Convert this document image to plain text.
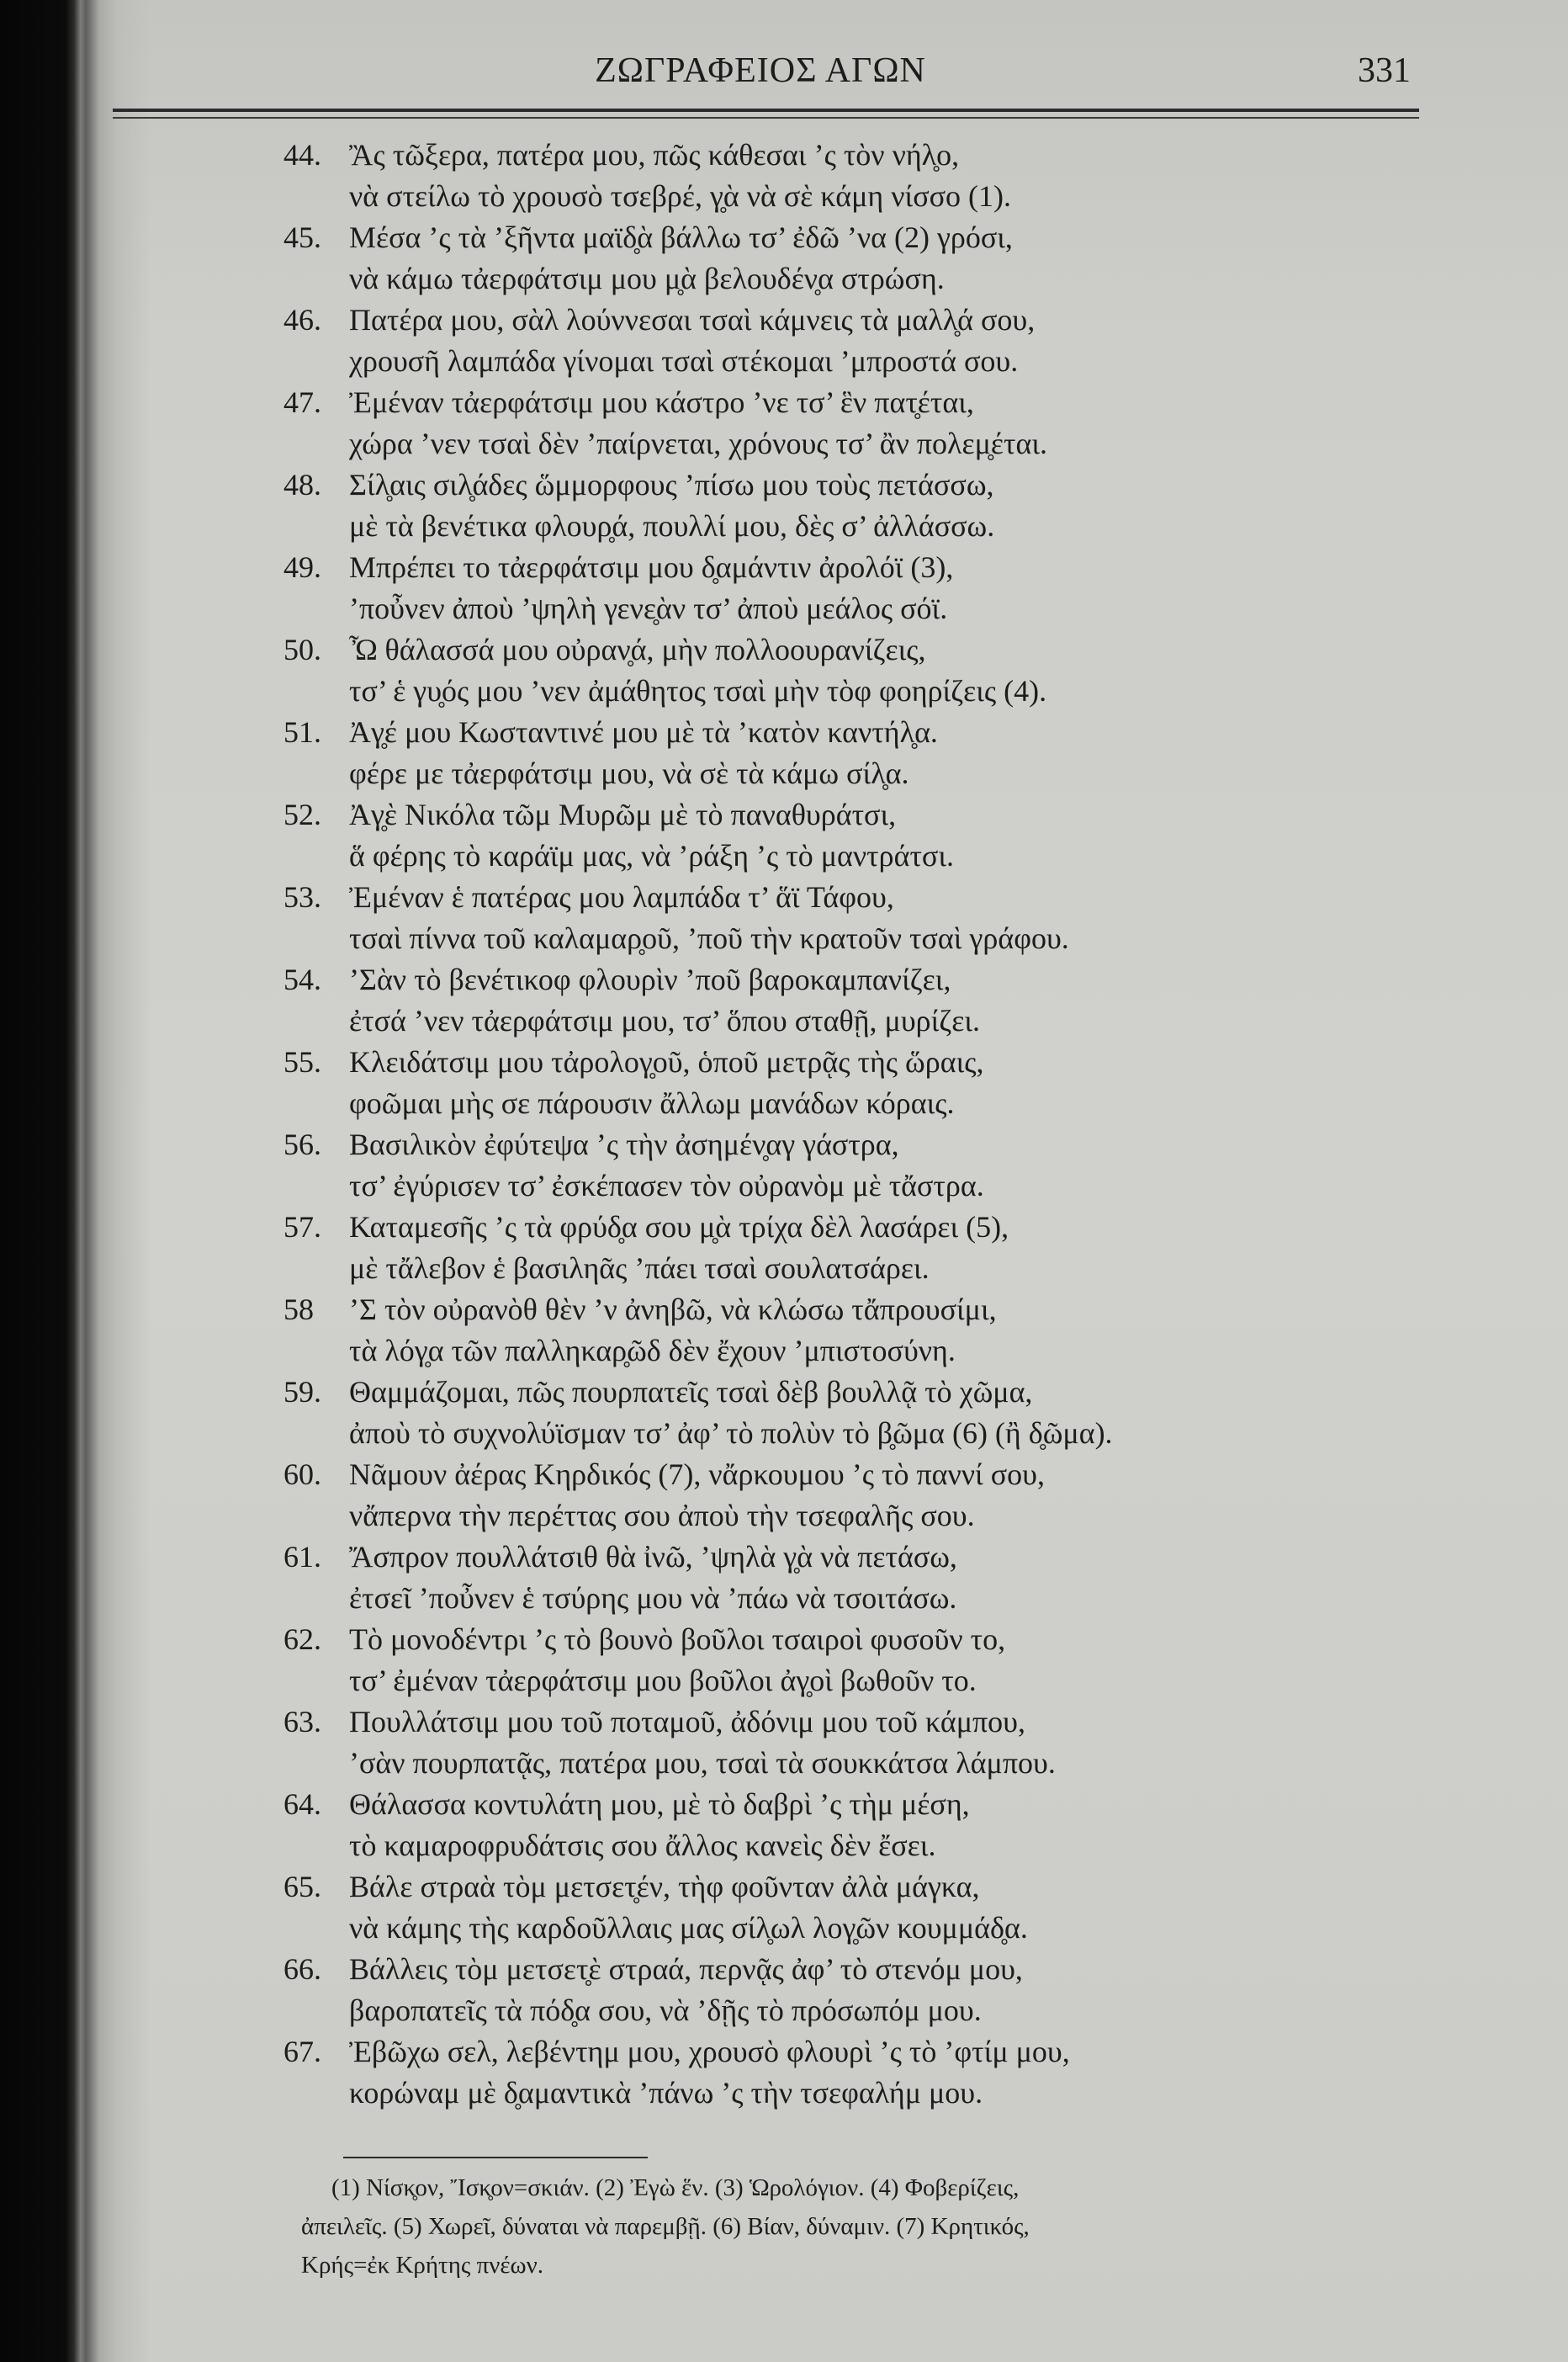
ΖΩΓΡΑΦΕΙΟΣ ΑΓΩΝ	331
44. Ἂς τῶξερα, πατέρα μου, πῶς κάθεσαι ’ς τὸν νήλ̥ο,
νὰ στείλω τὸ χρουσὸ τσεβρέ, γ̥ὰ νὰ σὲ κάμη νίσσο (1).
45. Μέσα ’ς τὰ ’ξῆντα μαϊδ̥ὰ βάλλω τσ’ ἐδῶ ’να (2) γρόσι,
νὰ κάμω τἀερφάτσιμ μου μ̥ὰ βελουδέν̥α στρώση.
46. Πατέρα μου, σὰλ λούννεσαι τσαὶ κάμνεις τὰ μαλλ̥ά σου,
χρουσῆ λαμπάδα γίνομαι τσαὶ στέκομαι ’μπροστά σου.
47. Ἐμέναν τἀερφάτσιμ μου κάστρο ’νε τσ’ ἓν πατ̥έται,
χώρα ’νεν τσαὶ δὲν ’παίρνεται, χρόνους τσ’ ἂν πολεμ̥έται.
48. Σίλ̥αις σιλ̥άδες ὥμμορφους ’πίσω μου τοὺς πετάσσω,
μὲ τὰ βενέτικα φλουρ̥ά, πουλλί μου, δὲς σ’ ἀλλάσσω.
49. Μπρέπει το τἀερφάτσιμ μου δ̥αμάντιν ἀρολόϊ (3),
’ποὖνεν ἀποὺ ’ψηλὴ γενε̥ὰν τσ’ ἀποὺ μεάλος σόϊ.
50. Ὦ θάλασσά μου οὐραν̥ά, μὴν πολλοουρανίζεις,
τσ’ ἑ γυ̥ός μου ’νεν ἀμάθητος τσαὶ μὴν τὸφ φοηρίζεις (4).
51. Ἀγ̥έ μου Κωσταντινέ μου μὲ τὰ ’κατὸν καντήλ̥α.
φέρε με τἀερφάτσιμ μου, νὰ σὲ τὰ κάμω σίλ̥α.
52. Ἀγ̥ὲ Νικόλα τῶμ Μυρῶμ μὲ τὸ παναθυράτσι,
ἅ φέρης τὸ καράϊμ μας, νὰ ’ράξη ’ς τὸ μαντράτσι.
53. Ἐμέναν ἑ πατέρας μου λαμπάδα τ’ ἅϊ Τάφου,
τσαὶ πίννα τοῦ καλαμαρ̥οῦ, ’ποῦ τὴν κρατοῦν τσαὶ γράφου.
54. ’Σὰν τὸ βενέτικοφ φλουρὶν ’ποῦ βαροκαμπανίζει,
ἐτσά ’νεν τἀερφάτσιμ μου, τσ’ ὅπου σταθῇ, μυρίζει.
55. Κλειδάτσιμ μου τἀρολογ̥οῦ, ὁποῦ μετρᾷς τὴς ὥραις,
φοῶμαι μὴς σε πάρουσιν ἄλλωμ μανάδων κόραις.
56. Βασιλικὸν ἐφύτεψα ’ς τὴν ἀσημέν̥αγ γάστρα,
τσ’ ἐγύρισεν τσ’ ἐσκέπασεν τὸν οὐρανὸμ μὲ τἄστρα.
57. Καταμεσῆς ’ς τὰ φρύδ̥α σου μ̥ὰ τρίχα δὲλ λασάρει (5),
μὲ τἄλεβον ἑ βασιληᾶς ’πάει τσαὶ σουλατσάρει.
58 ’Σ τὸν οὐρανὸθ θὲν ’ν ἀνηβῶ, νὰ κλώσω τἄπρουσίμι,
τὰ λόγ̥α τῶν παλληκαρ̥ῶδ δὲν ἔχουν ’μπιστοσύνη.
59. Θαμμάζομαι, πῶς πουρπατεῖς τσαὶ δὲβ βουλλᾷ τὸ χῶμα,
ἀποὺ τὸ συχνολύϊσμαν τσ’ ἀφ’ τὸ πολὺν τὸ β̥ῶμα (6) (ἢ δ̥ῶμα).
60. Νᾶμουν ἀέρας Κηρδικός (7), νἄρκουμου ’ς τὸ παννί σου,
νἄπερνα τὴν περέττας σου ἀποὺ τὴν τσεφαλῆς σου.
61. Ἄσπρον πουλλάτσιθ θὰ ἰνῶ, ’ψηλὰ γ̥ὰ νὰ πετάσω,
ἐτσεῖ ’ποὖνεν ἑ τσύρης μου νὰ ’πάω νὰ τσοιτάσω.
62. Τὸ μονοδέντρι ’ς τὸ βουνὸ βοῦλοι τσαιροὶ φυσοῦν το,
τσ’ ἐμέναν τἀερφάτσιμ μου βοῦλοι ἀγ̥οὶ βωθοῦν το.
63. Πουλλάτσιμ μου τοῦ ποταμοῦ, ἀδόνιμ μου τοῦ κάμπου,
’σὰν πουρπατᾷς, πατέρα μου, τσαὶ τὰ σουκκάτσα λάμπου.
64. Θάλασσα κοντυλάτη μου, μὲ τὸ δαβρὶ ’ς τὴμ μέση,
τὸ καμαροφρυδάτσις σου ἄλλος κανεὶς δὲν ἔσει.
65. Βάλε στραὰ τὸμ μετσετ̥έν, τὴφ φοῦνταν ἀλὰ μάγκα,
νὰ κάμης τὴς καρδοῦλλαις μας σίλ̥ωλ λογ̥ῶν κουμμάδ̥α.
66. Βάλλεις τὸμ μετσετ̥ὲ στραά, περνᾷς ἀφ’ τὸ στενόμ μου,
βαροπατεῖς τὰ πόδ̥α σου, νὰ ’δῇς τὸ πρόσωπόμ μου.
67. Ἐβῶχω σελ, λεβέντημ μου, χρουσὸ φλουρὶ ’ς τὸ ’φτίμ μου,
κορώναμ μὲ δ̥αμαντικὰ ’πάνω ’ς τὴν τσεφαλήμ μου.
(1) Νίσκ̥ον, Ἴσκ̥ον=σκιάν. (2) Ἐγὼ ἕν. (3) Ὡρολόγιον. (4) Φοβερίζεις,
ἀπειλεῖς. (5) Χωρεῖ, δύναται νὰ παρεμβῇ. (6) Βίαν, δύναμιν. (7) Κρητικός,
Κρής=ἐκ Κρήτης πνέων.
